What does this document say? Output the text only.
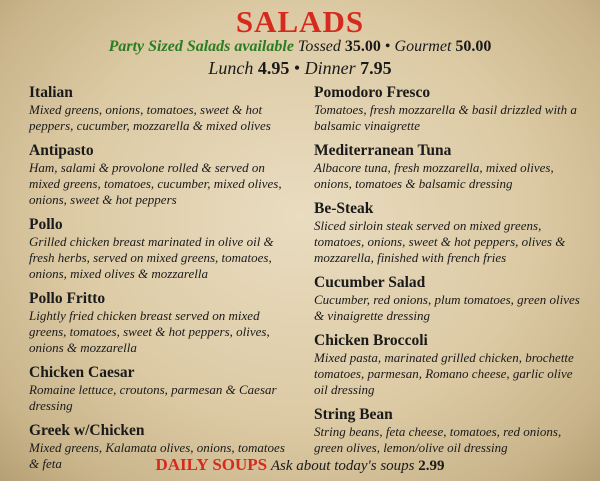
SALADS
Party Sized Salads available Tossed 35.00 • Gourmet 50.00
Lunch 4.95 • Dinner 7.95
Italian
Mixed greens, onions, tomatoes, sweet & hot peppers, cucumber, mozzarella & mixed olives
Antipasto
Ham, salami & provolone rolled & served on mixed greens, tomatoes, cucumber, mixed olives, onions, sweet & hot peppers
Pollo
Grilled chicken breast marinated in olive oil & fresh herbs, served on mixed greens, tomatoes, onions, mixed olives & mozzarella
Pollo Fritto
Lightly fried chicken breast served on mixed greens, tomatoes, sweet & hot peppers, olives, onions & mozzarella
Chicken Caesar
Romaine lettuce, croutons, parmesan & Caesar dressing
Greek w/Chicken
Mixed greens, Kalamata olives, onions, tomatoes & feta
Pomodoro Fresco
Tomatoes, fresh mozzarella & basil drizzled with a balsamic vinaigrette
Mediterranean Tuna
Albacore tuna, fresh mozzarella, mixed olives, onions, tomatoes & balsamic dressing
Be-Steak
Sliced sirloin steak served on mixed greens, tomatoes, onions, sweet & hot peppers, olives & mozzarella, finished with french fries
Cucumber Salad
Cucumber, red onions, plum tomatoes, green olives & vinaigrette dressing
Chicken Broccoli
Mixed pasta, marinated grilled chicken, brochette tomatoes, parmesan, Romano cheese, garlic olive oil dressing
String Bean
String beans, feta cheese, tomatoes, red onions, green olives, lemon/olive oil dressing
DAILY SOUPS Ask about today's soups 2.99
